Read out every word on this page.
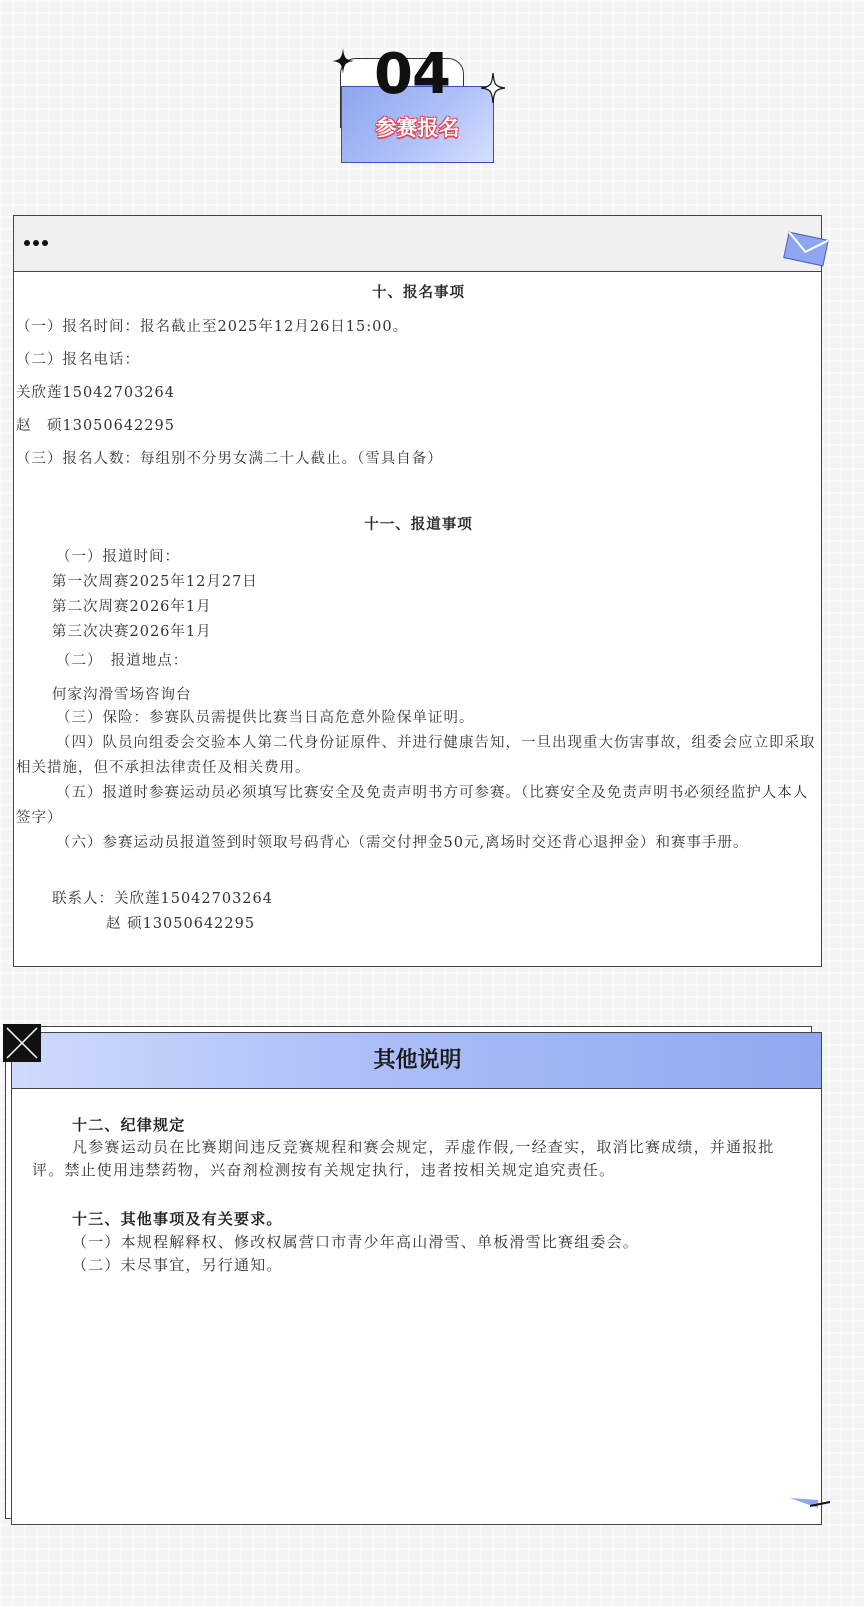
04
参赛报名
十、报名事项
（一）报名时间：报名截止至2025年12月26日15:00。
（二）报名电话：
关欣莲15042703264
赵　硕13050642295
（三）报名人数：每组别不分男女满二十人截止。（雪具自备）
十一、报道事项
（一）报道时间：
第一次周赛2025年12月27日
第二次周赛2026年1月
第三次决赛2026年1月
（二）　报道地点：
何家沟滑雪场咨询台
（三）保险：参赛队员需提供比赛当日高危意外险保单证明。
（四）队员向组委会交验本人第二代身份证原件、并进行健康告知，一旦出现重大伤害事故，组委会应立即采取相关措施，但不承担法律责任及相关费用。
（五）报道时参赛运动员必须填写比赛安全及免责声明书方可参赛。（比赛安全及免责声明书必须经监护人本人签字）
（六）参赛运动员报道签到时领取号码背心（需交付押金50元,离场时交还背心退押金）和赛事手册。
联系人：关欣莲15042703264
赵 硕13050642295
其他说明
十二、纪律规定
凡参赛运动员在比赛期间违反竞赛规程和赛会规定，弄虚作假,一经查实，取消比赛成绩，并通报批评。禁止使用违禁药物，兴奋剂检测按有关规定执行，违者按相关规定追究责任。
十三、其他事项及有关要求。
（一）本规程解释权、修改权属营口市青少年高山滑雪、单板滑雪比赛组委会。
（二）未尽事宜，另行通知。
